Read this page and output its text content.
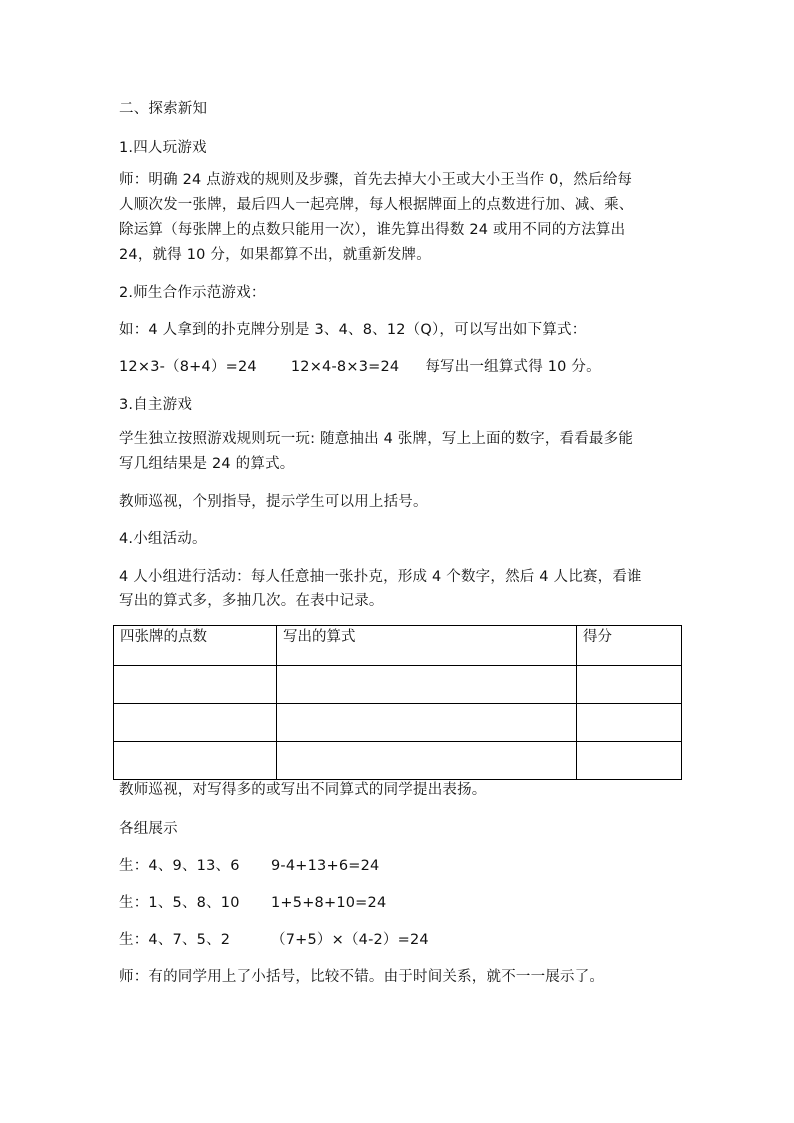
二、探索新知
1.四人玩游戏
师：明确 24 点游戏的规则及步骤，首先去掉大小王或大小王当作 0，然后给每
人顺次发一张牌，最后四人一起亮牌，每人根据牌面上的点数进行加、减、乘、
除运算（每张牌上的点数只能用一次），谁先算出得数 24 或用不同的方法算出
24，就得 10 分，如果都算不出，就重新发牌。
2.师生合作示范游戏：
如：4 人拿到的扑克牌分别是 3、4、8、12（Q），可以写出如下算式：
12×3-（8+4）=24 12×4-8×3=24 每写出一组算式得 10 分。
3.自主游戏
学生独立按照游戏规则玩一玩: 随意抽出 4 张牌，写上上面的数字，看看最多能
写几组结果是 24 的算式。
教师巡视，个别指导，提示学生可以用上括号。
4.小组活动。
4 人小组进行活动：每人任意抽一张扑克，形成 4 个数字，然后 4 人比赛，看谁
写出的算式多，多抽几次。在表中记录。
四张牌的点数	写出的算式	得分

教师巡视，对写得多的或写出不同算式的同学提出表扬。
各组展示
生：4、9、13、6 9-4+13+6=24
生：1、5、8、10 1+5+8+10=24
生：4、7、5、2	（7+5）×（4-2）=24
师：有的同学用上了小括号，比较不错。由于时间关系，就不一一展示了。
